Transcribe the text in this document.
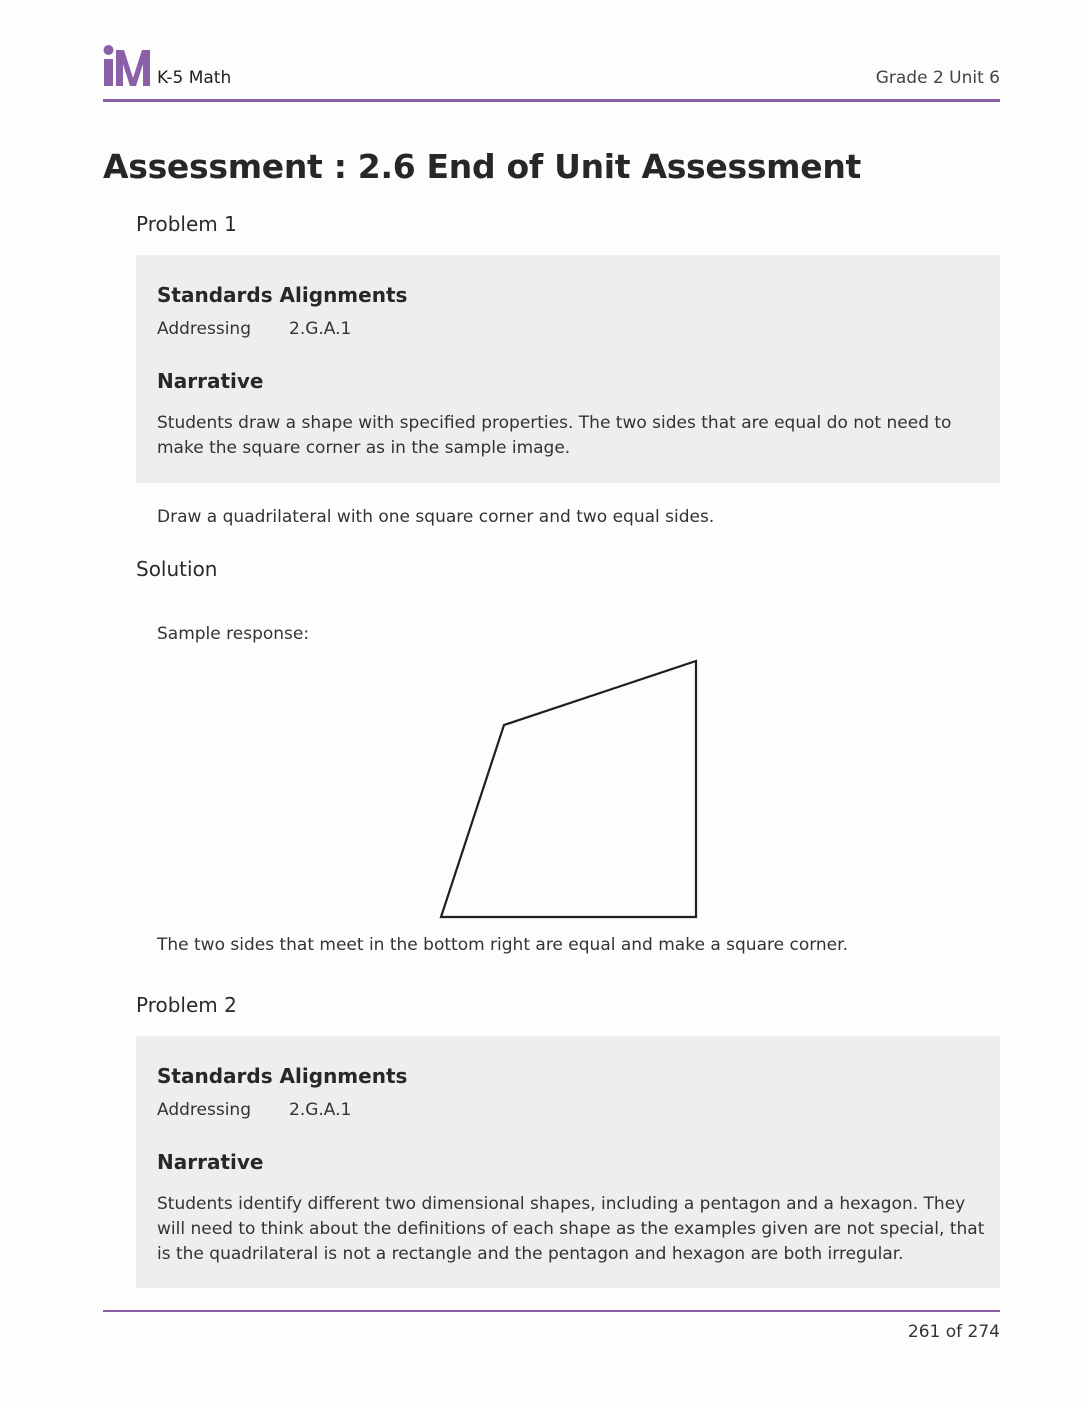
K-5 Math	Grade 2 Unit 6
Assessment : 2.6 End of Unit Assessment
Problem 1
Standards Alignments
Addressing 2.G.A.1
Narrative

Students draw a shape with specified properties. The two sides that are equal do not need to make the square corner as in the sample image.

Draw a quadrilateral with one square corner and two equal sides.

Solution

Sample response:

The two sides that meet in the bottom right are equal and make a square corner.

Problem 2
Standards Alignments
Addressing 2.G.A.1
Narrative

Students identify different two dimensional shapes, including a pentagon and a hexagon. They will need to think about the definitions of each shape as the examples given are not special, that is the quadrilateral is not a rectangle and the pentagon and hexagon are both irregular.

261 of 274
